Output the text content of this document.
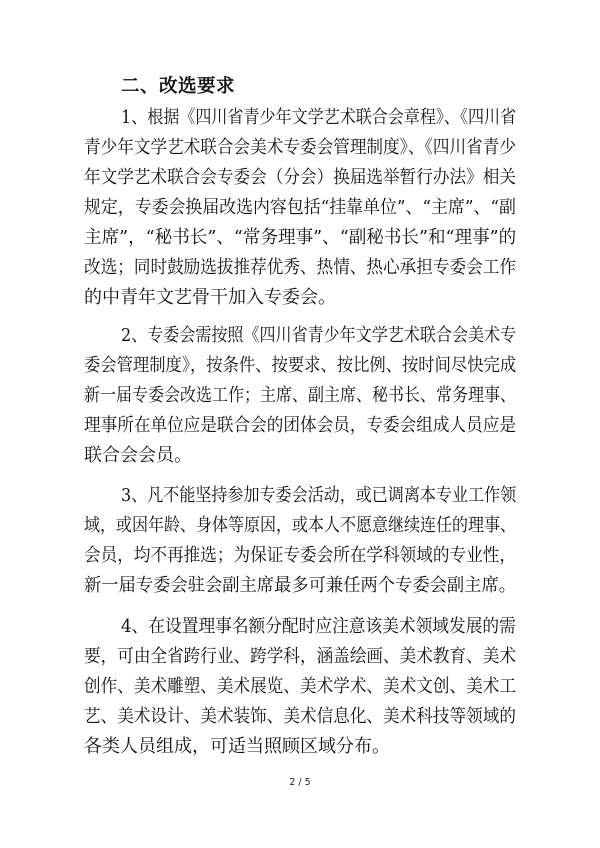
二、改选要求
1、根据《四川省青少年文学艺术联合会章程》、《四川省
青少年文学艺术联合会美术专委会管理制度》、《四川省青少
年文学艺术联合会专委会（分会）换届选举暂行办法》相关
规定，专委会换届改选内容包括“挂靠单位”、“主席”、“副
主席”，“秘书长”、“常务理事”、“副秘书长”和“理事”的
改选；同时鼓励选拔推荐优秀、热情、热心承担专委会工作
的中青年文艺骨干加入专委会。
2、专委会需按照《四川省青少年文学艺术联合会美术专
委会管理制度》，按条件、按要求、按比例、按时间尽快完成
新一届专委会改选工作；主席、副主席、秘书长、常务理事、
理事所在单位应是联合会的团体会员，专委会组成人员应是
联合会会员。
3、凡不能坚持参加专委会活动，或已调离本专业工作领
域，或因年龄、身体等原因，或本人不愿意继续连任的理事、
会员，均不再推选；为保证专委会所在学科领域的专业性，
新一届专委会驻会副主席最多可兼任两个专委会副主席。
4、在设置理事名额分配时应注意该美术领域发展的需
要，可由全省跨行业、跨学科，涵盖绘画、美术教育、美术
创作、美术雕塑、美术展览、美术学术、美术文创、美术工
艺、美术设计、美术装饰、美术信息化、美术科技等领域的
各类人员组成，可适当照顾区域分布。
2 / 5
